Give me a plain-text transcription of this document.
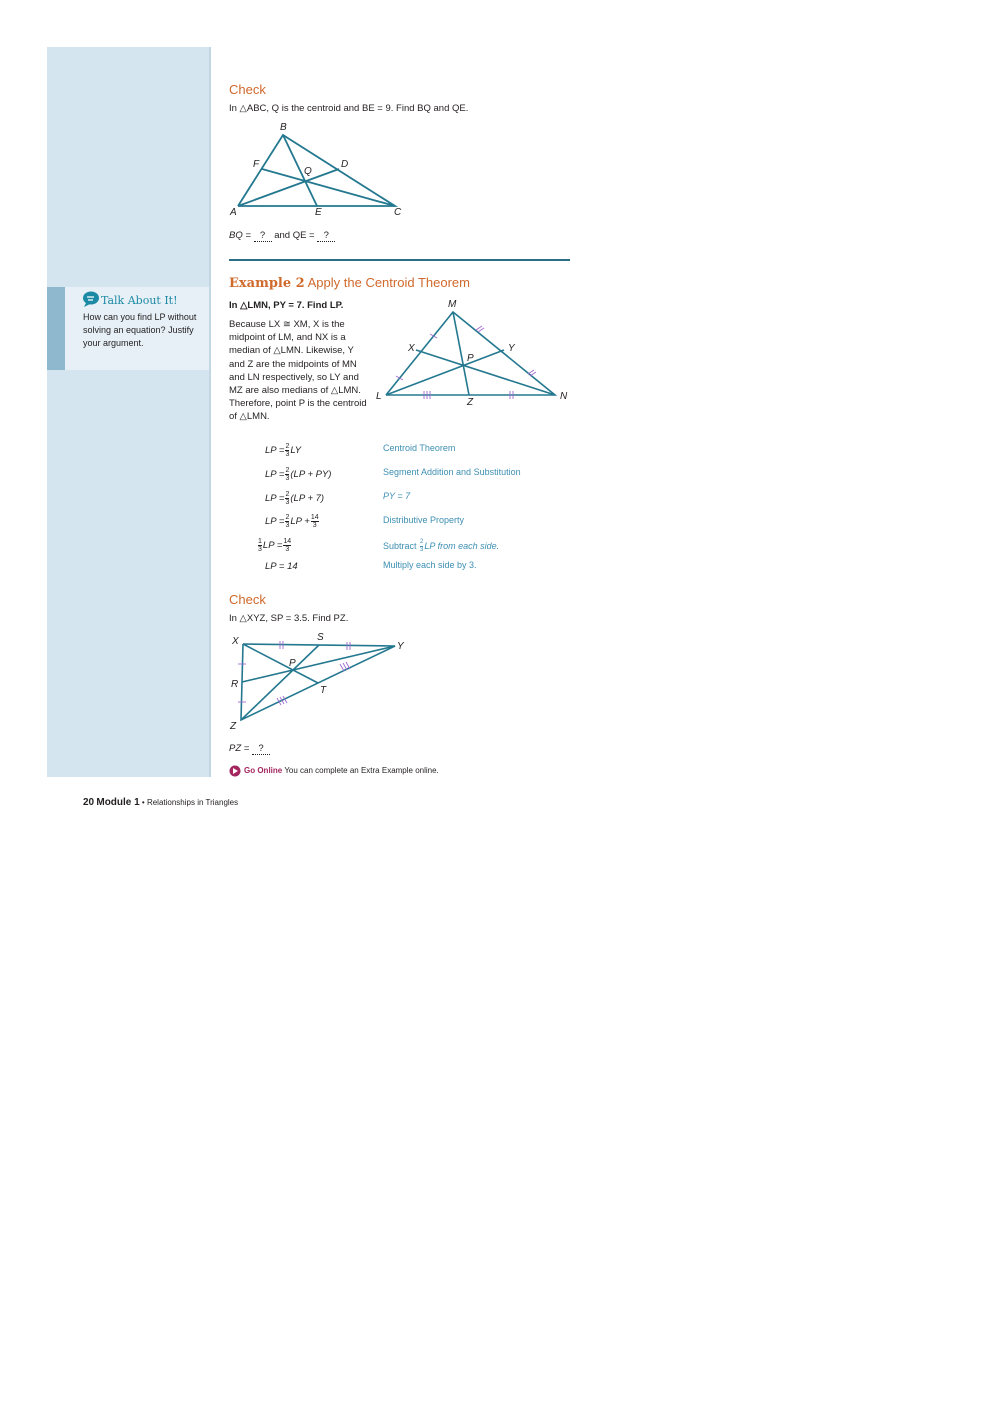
Talk About It!
How can you find LP without solving an equation? Justify your argument.
Check
In △ABC, Q is the centroid and BE = 9. Find BQ and QE.
B
F	D
Q
A	E	C
BQ = ? and QE = ?
Example 2 Apply the Centroid Theorem
In △LMN, PY = 7. Find LP.
Because LX ≅ XM, X is the midpoint of LM, and NX is a median of △LMN. Likewise, Y and Z are the midpoints of MN and LN respectively, so LY and MZ are also medians of △LMN. Therefore, point P is the centroid of △LMN.
M
X	Y
P
L
Z
N
LP = $\frac{2}{3}$ LY	Centroid Theorem
LP = $\frac{2}{3} (LP + PY)$	Segment Addition and Substitution
LP = $\frac{2}{3} (LP + 7)$	PY = 7
LP = $\frac{2}{3}$ LP + $\frac{14}{3}$	Distributive Property
$\frac{1}{3}$ LP = $\frac{14}{3}$	Subtract $\frac{2}{3}$ LP from each side.
LP = 14	Multiply each side by 3.
Check
In △XYZ, SP = 3.5. Find PZ.
X	S
Y
P
R
T
Z
PZ = ?
Go Online You can complete an Extra Example online.
20 Module 1 • Relationships in Triangles
